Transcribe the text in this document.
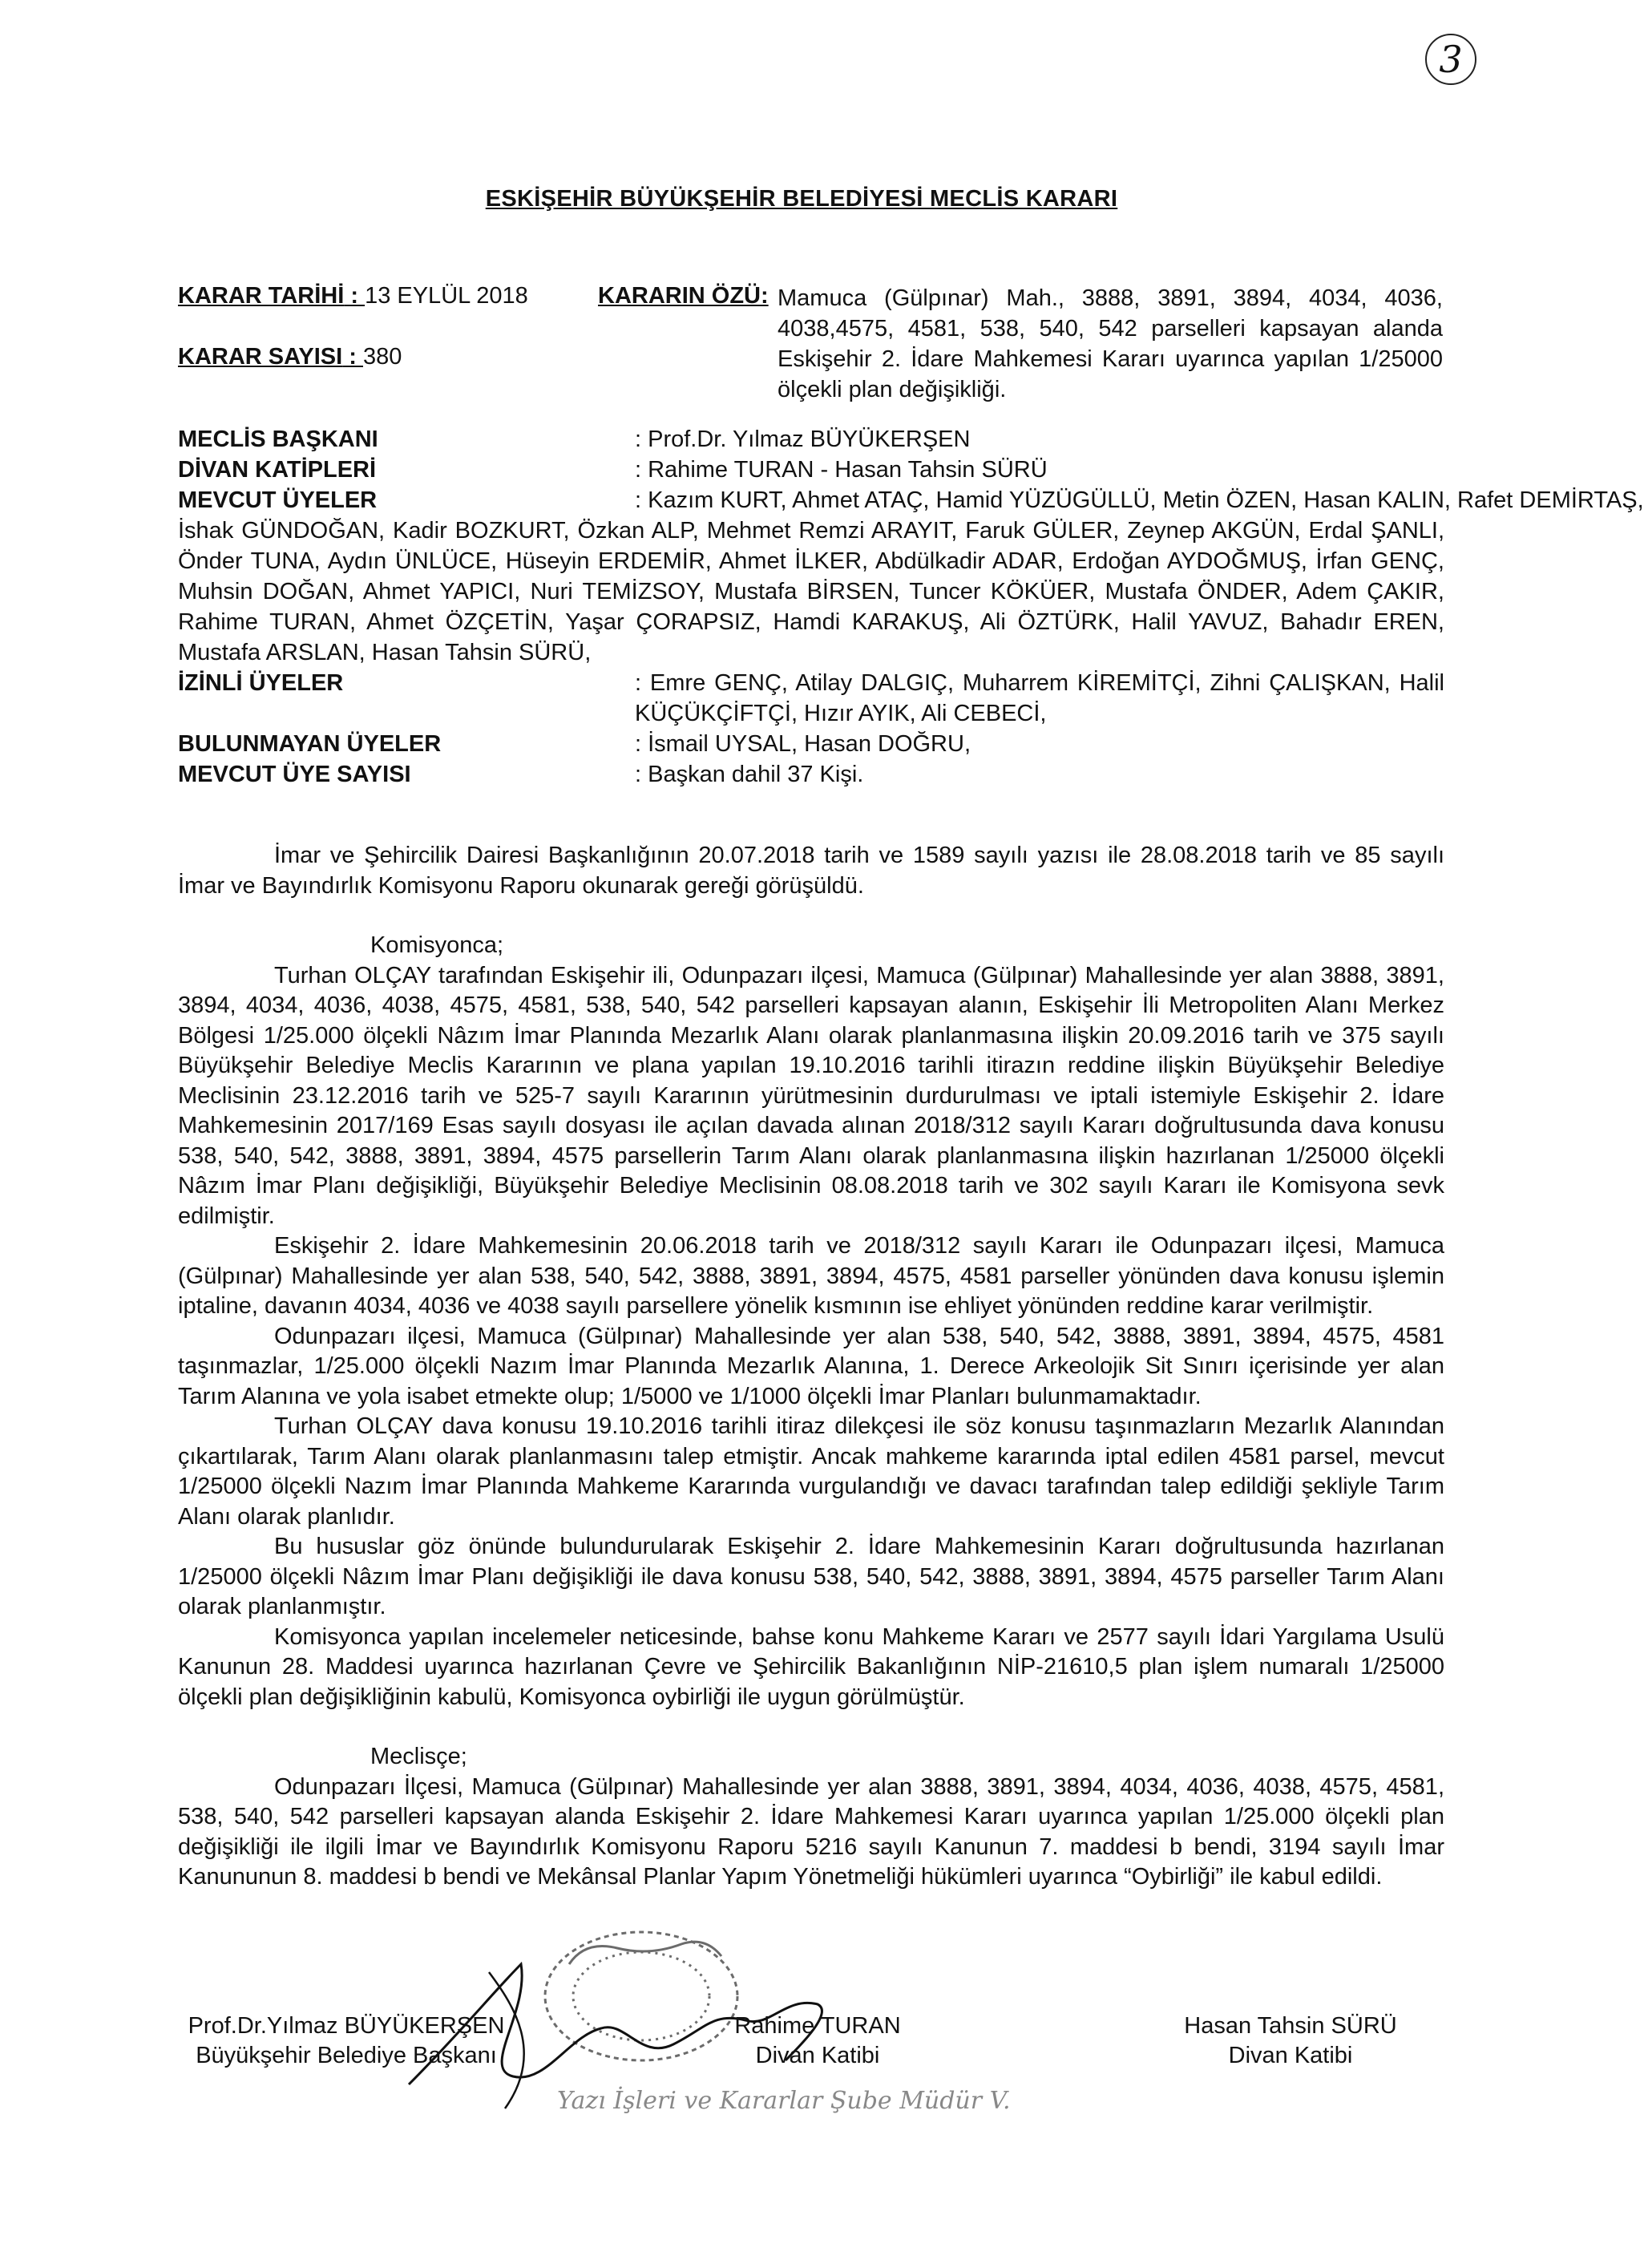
3
ESKİŞEHİR BÜYÜKŞEHİR BELEDİYESİ MECLİS KARARI
KARAR TARİHİ : 13 EYLÜL 2018
KARAR SAYISI : 380
KARARIN ÖZÜ: Mamuca (Gülpınar) Mah., 3888, 3891, 3894, 4034, 4036, 4038,4575, 4581, 538, 540, 542 parselleri kapsayan alanda Eskişehir 2. İdare Mahkemesi Kararı uyarınca yapılan 1/25000 ölçekli plan değişikliği.
MECLİS BAŞKANI	: Prof.Dr. Yılmaz BÜYÜKERŞEN
DİVAN KATİPLERİ	: Rahime TURAN - Hasan Tahsin SÜRÜ
MEVCUT ÜYELER	: Kazım KURT, Ahmet ATAÇ, Hamid YÜZÜGÜLLÜ, Metin ÖZEN, Hasan KALIN, Rafet DEMİRTAŞ,
İshak GÜNDOĞAN, Kadir BOZKURT, Özkan ALP, Mehmet Remzi ARAYIT, Faruk GÜLER, Zeynep AKGÜN, Erdal ŞANLI, Önder TUNA, Aydın ÜNLÜCE, Hüseyin ERDEMİR, Ahmet İLKER, Abdülkadir ADAR, Erdoğan AYDOĞMUŞ, İrfan GENÇ, Muhsin DOĞAN, Ahmet YAPICI, Nuri TEMİZSOY, Mustafa BİRSEN, Tuncer KÖKÜER, Mustafa ÖNDER, Adem ÇAKIR, Rahime TURAN, Ahmet ÖZÇETİN, Yaşar ÇORAPSIZ, Hamdi KARAKUŞ, Ali ÖZTÜRK, Halil YAVUZ, Bahadır EREN, Mustafa ARSLAN, Hasan Tahsin SÜRÜ,
İZİNLİ ÜYELER	: Emre GENÇ, Atilay DALGIÇ, Muharrem KİREMİTÇİ, Zihni ÇALIŞKAN, Halil KÜÇÜKÇİFTÇİ, Hızır AYIK, Ali CEBECİ,
BULUNMAYAN ÜYELER	: İsmail UYSAL, Hasan DOĞRU,
MEVCUT ÜYE SAYISI	: Başkan dahil 37 Kişi.

İmar ve Şehircilik Dairesi Başkanlığının 20.07.2018 tarih ve 1589 sayılı yazısı ile 28.08.2018 tarih ve 85 sayılı İmar ve Bayındırlık Komisyonu Raporu okunarak gereği görüşüldü.

Komisyonca;

Turhan OLÇAY tarafından Eskişehir ili, Odunpazarı ilçesi, Mamuca (Gülpınar) Mahallesinde yer alan 3888, 3891, 3894, 4034, 4036, 4038, 4575, 4581, 538, 540, 542 parselleri kapsayan alanın, Eskişehir İli Metropoliten Alanı Merkez Bölgesi 1/25.000 ölçekli Nâzım İmar Planında Mezarlık Alanı olarak planlanmasına ilişkin 20.09.2016 tarih ve 375 sayılı Büyükşehir Belediye Meclis Kararının ve plana yapılan 19.10.2016 tarihli itirazın reddine ilişkin Büyükşehir Belediye Meclisinin 23.12.2016 tarih ve 525-7 sayılı Kararının yürütmesinin durdurulması ve iptali istemiyle Eskişehir 2. İdare Mahkemesinin 2017/169 Esas sayılı dosyası ile açılan davada alınan 2018/312 sayılı Kararı doğrultusunda dava konusu 538, 540, 542, 3888, 3891, 3894, 4575 parsellerin Tarım Alanı olarak planlanmasına ilişkin hazırlanan 1/25000 ölçekli Nâzım İmar Planı değişikliği, Büyükşehir Belediye Meclisinin 08.08.2018 tarih ve 302 sayılı Kararı ile Komisyona sevk edilmiştir.

Eskişehir 2. İdare Mahkemesinin 20.06.2018 tarih ve 2018/312 sayılı Kararı ile Odunpazarı ilçesi, Mamuca (Gülpınar) Mahallesinde yer alan 538, 540, 542, 3888, 3891, 3894, 4575, 4581 parseller yönünden dava konusu işlemin iptaline, davanın 4034, 4036 ve 4038 sayılı parsellere yönelik kısmının ise ehliyet yönünden reddine karar verilmiştir.

Odunpazarı ilçesi, Mamuca (Gülpınar) Mahallesinde yer alan 538, 540, 542, 3888, 3891, 3894, 4575, 4581 taşınmazlar, 1/25.000 ölçekli Nazım İmar Planında Mezarlık Alanına, 1. Derece Arkeolojik Sit Sınırı içerisinde yer alan Tarım Alanına ve yola isabet etmekte olup; 1/5000 ve 1/1000 ölçekli İmar Planları bulunmamaktadır.

Turhan OLÇAY dava konusu 19.10.2016 tarihli itiraz dilekçesi ile söz konusu taşınmazların Mezarlık Alanından çıkartılarak, Tarım Alanı olarak planlanmasını talep etmiştir. Ancak mahkeme kararında iptal edilen 4581 parsel, mevcut 1/25000 ölçekli Nazım İmar Planında Mahkeme Kararında vurgulandığı ve davacı tarafından talep edildiği şekliyle Tarım Alanı olarak planlıdır.

Bu hususlar göz önünde bulundurularak Eskişehir 2. İdare Mahkemesinin Kararı doğrultusunda hazırlanan 1/25000 ölçekli Nâzım İmar Planı değişikliği ile dava konusu 538, 540, 542, 3888, 3891, 3894, 4575 parseller Tarım Alanı olarak planlanmıştır.

Komisyonca yapılan incelemeler neticesinde, bahse konu Mahkeme Kararı ve 2577 sayılı İdari Yargılama Usulü Kanunun 28. Maddesi uyarınca hazırlanan Çevre ve Şehircilik Bakanlığının NİP-21610,5 plan işlem numaralı 1/25000 ölçekli plan değişikliğinin kabulü, Komisyonca oybirliği ile uygun görülmüştür.

Meclisçe;

Odunpazarı İlçesi, Mamuca (Gülpınar) Mahallesinde yer alan 3888, 3891, 3894, 4034, 4036, 4038, 4575, 4581, 538, 540, 542 parselleri kapsayan alanda Eskişehir 2. İdare Mahkemesi Kararı uyarınca yapılan 1/25.000 ölçekli plan değişikliği ile ilgili İmar ve Bayındırlık Komisyonu Raporu 5216 sayılı Kanunun 7. maddesi b bendi, 3194 sayılı İmar Kanununun 8. maddesi b bendi ve Mekânsal Planlar Yapım Yönetmeliği hükümleri uyarınca “Oybirliği” ile kabul edildi.

Yazı İşleri ve Kararlar Şube Müdür V.
Prof.Dr.Yılmaz BÜYÜKERŞEN
Büyükşehir Belediye Başkanı
Rahime TURAN
Divan Katibi
Hasan Tahsin SÜRÜ
Divan Katibi
